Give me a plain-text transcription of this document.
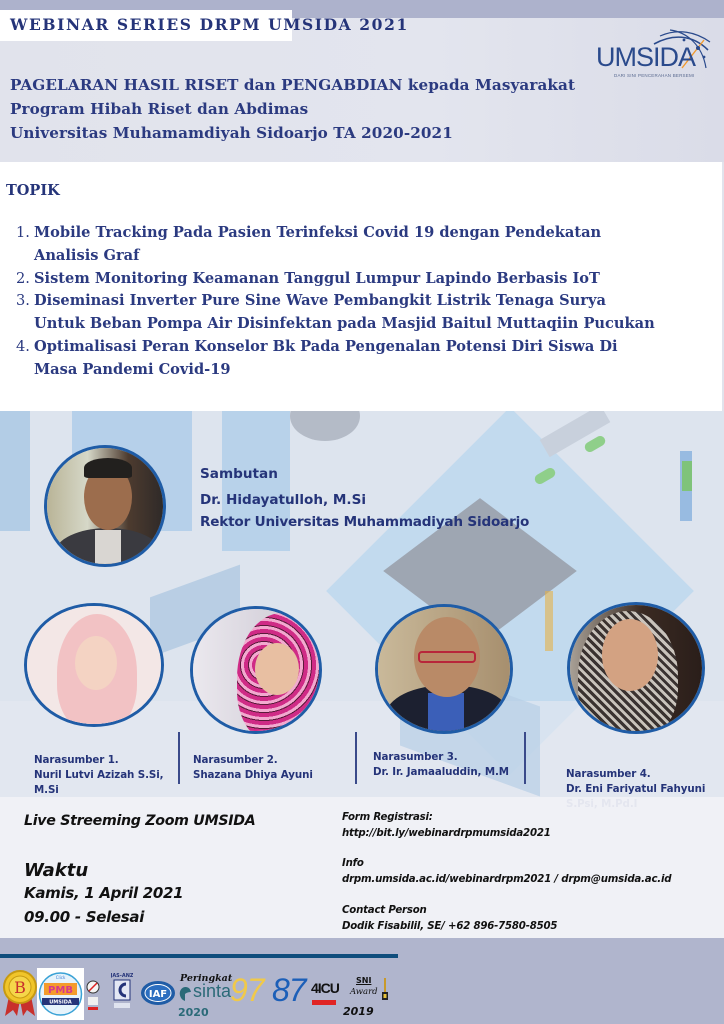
WEBINAR SERIES DRPM UMSIDA 2021
PAGELARAN HASIL RISET dan PENGABDIAN kepada Masyarakat
Program Hibah Riset dan Abdimas
Universitas Muhamamdiyah Sidoarjo TA 2020-2021
UMSIDA
DARI SINI PENCERAHAN BERSEMI
TOPIK
1. Mobile Tracking Pada Pasien Terinfeksi Covid 19 dengan Pendekatan
Analisis Graf
2. Sistem Monitoring Keamanan Tanggul Lumpur Lapindo Berbasis IoT
3. Diseminasi Inverter Pure Sine Wave Pembangkit Listrik Tenaga Surya
Untuk Beban Pompa Air Disinfektan pada Masjid Baitul Muttaqiin Pucukan
4. Optimalisasi Peran Konselor Bk Pada Pengenalan Potensi Diri Siswa Di
Masa Pandemi Covid-19
Sambutan
Dr. Hidayatulloh, M.Si
Rektor Universitas Muhammadiyah Sidoarjo
Narasumber 1.
Nuril Lutvi Azizah S.Si,
M.Si
Narasumber 2.
Shazana Dhiya Ayuni
Narasumber 3.
Dr. Ir. Jamaaluddin, M.M	Narasumber 4.
Dr. Eni Fariyatul Fahyuni
Live Streeming Zoom UMSIDA
Waktu
Kamis, 1 April 2021
09.00 - Selesai
Form Registrasi:
http://bit.ly/webinardrpmumsida2021
Info
drpm.umsida.ac.id/webinardrpm2021 / drpm@umsida.ac.id
Contact Person
Dodik Fisabilil, SE/ +62 896-7580-8505
B
Click
PMB
UMSIDA
JAS-ANZ
IAF
Peringkat
sinta
2020
97 87 4ICU SNI
Award
2019
